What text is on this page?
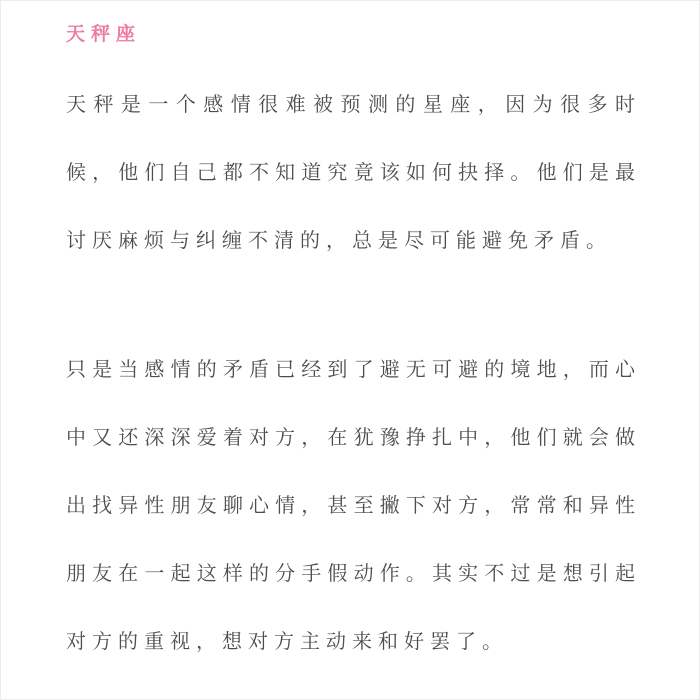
天秤座
天秤是一个感情很难被预测的星座，因为很多时
候，他们自己都不知道究竟该如何抉择。他们是最
讨厌麻烦与纠缠不清的，总是尽可能避免矛盾。
只是当感情的矛盾已经到了避无可避的境地，而心
中又还深深爱着对方，在犹豫挣扎中，他们就会做
出找异性朋友聊心情，甚至撇下对方，常常和异性
朋友在一起这样的分手假动作。其实不过是想引起
对方的重视，想对方主动来和好罢了。
